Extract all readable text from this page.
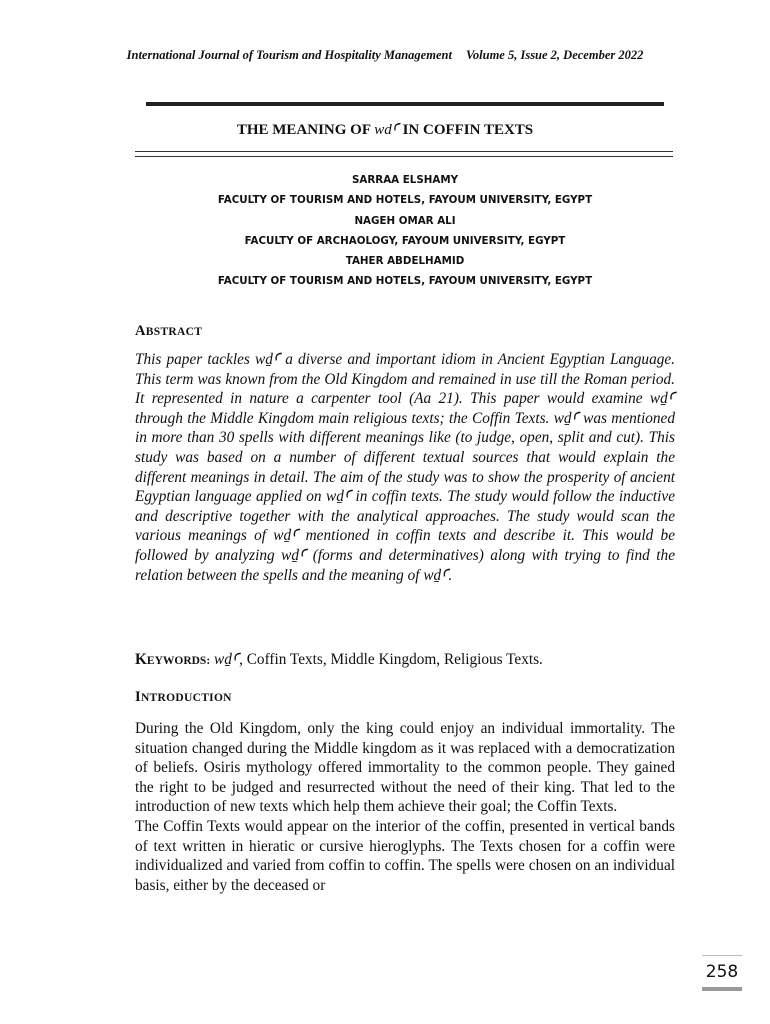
International Journal of Tourism and Hospitality Management Volume 5, Issue 2, December 2022
THE MEANING OF wdꜤ IN COFFIN TEXTS
SARRAA ELSHAMY
FACULTY OF TOURISM AND HOTELS, FAYOUM UNIVERSITY, EGYPT
NAGEH OMAR ALI
FACULTY OF ARCHAOLOGY, FAYOUM UNIVERSITY, EGYPT
TAHER ABDELHAMID
FACULTY OF TOURISM AND HOTELS, FAYOUM UNIVERSITY, EGYPT
ABSTRACT
This paper tackles wḏꜤ a diverse and important idiom in Ancient Egyptian Language. This term was known from the Old Kingdom and remained in use till the Roman period. It represented in nature a carpenter tool (Aa 21). This paper would examine wḏꜤ through the Middle Kingdom main religious texts; the Coffin Texts. wḏꜤ was mentioned in more than 30 spells with different meanings like (to judge, open, split and cut). This study was based on a number of different textual sources that would explain the different meanings in detail. The aim of the study was to show the prosperity of ancient Egyptian language applied on wḏꜤ in coffin texts. The study would follow the inductive and descriptive together with the analytical approaches. The study would scan the various meanings of wḏꜤ mentioned in coffin texts and describe it. This would be followed by analyzing wḏꜤ (forms and determinatives) along with trying to find the relation between the spells and the meaning of wḏꜤ.
KEYWORDS: wḏꜤ, Coffin Texts, Middle Kingdom, Religious Texts.
INTRODUCTION

During the Old Kingdom, only the king could enjoy an individual immortality. The situation changed during the Middle kingdom as it was replaced with a democratization of beliefs. Osiris mythology offered immortality to the common people. They gained the right to be judged and resurrected without the need of their king. That led to the introduction of new texts which help them achieve their goal; the Coffin Texts.

The Coffin Texts would appear on the interior of the coffin, presented in vertical bands of text written in hieratic or cursive hieroglyphs. The Texts chosen for a coffin were individualized and varied from coffin to coffin. The spells were chosen on an individual basis, either by the deceased or

258
